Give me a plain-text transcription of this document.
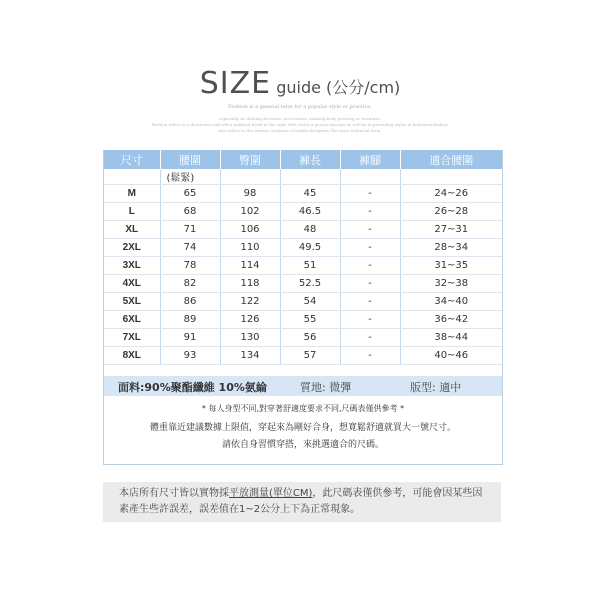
SIZE guide (公分/cm)
Fashion is a general term for a popular style or practice,
especially in clothing,footwear, accessories, makeup,body piercing,or furniture.
Fashion refers to a distinctive and often habitual trend in the style with which a person dresses as well as to prevailing styles in behaviour,fashion
also refers to the newest creations of textile designers.The more technical term,
尺寸	腰圍	臀圍	褲長	褲腳	適合腰圍
	(鬆緊)				
M	65	98	45	-	24~26
L	68	102	46.5	-	26~28
XL	71	106	48	-	27~31
2XL	74	110	49.5	-	28~34
3XL	78	114	51	-	31~35
4XL	82	118	52.5	-	32~38
5XL	86	122	54	-	34~40
6XL	89	126	55	-	36~42
7XL	91	130	56	-	38~44
8XL	93	134	57	-	40~46
面料:90%聚酯纖維 10%氨綸	質地: 微彈	版型: 適中
* 每人身型不同,對穿著舒適度要求不同,尺碼表僅供參考 *
體重靠近建議數據上限值，穿起來為剛好合身，想寬鬆舒適就買大一號尺寸。
請依自身習慣穿搭，來挑選適合的尺碼。
本店所有尺寸皆以實物採平放測量(單位CM)，此尺碼表僅供參考，可能會因某些因素產生些許誤差，誤差值在1~2公分上下為正常現象。
